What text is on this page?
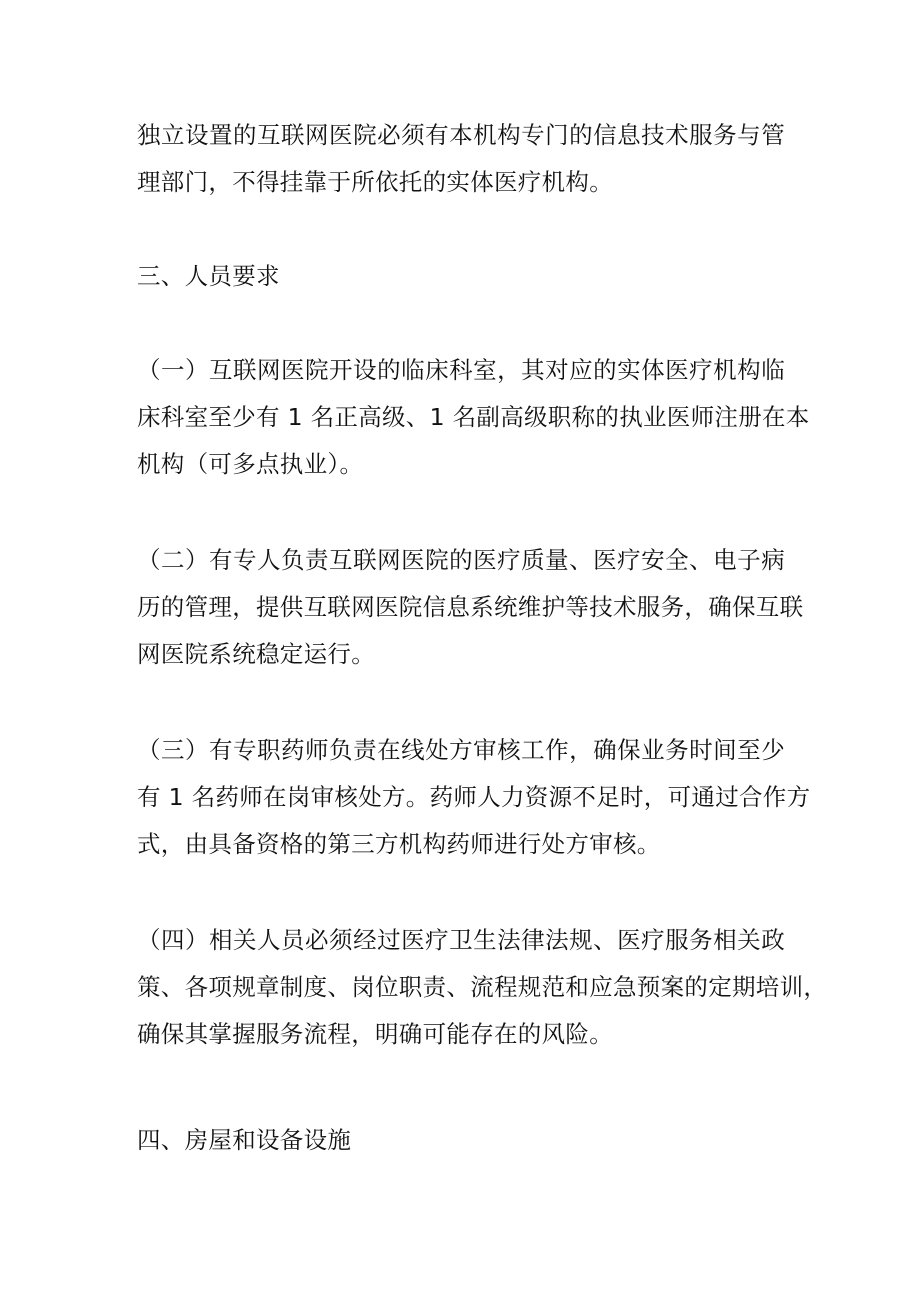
独立设置的互联网医院必须有本机构专门的信息技术服务与管
理部门，不得挂靠于所依托的实体医疗机构。
三、人员要求
（一）互联网医院开设的临床科室，其对应的实体医疗机构临
床科室至少有 1 名正高级、1 名副高级职称的执业医师注册在本
机构（可多点执业）。
（二）有专人负责互联网医院的医疗质量、医疗安全、电子病
历的管理，提供互联网医院信息系统维护等技术服务，确保互联
网医院系统稳定运行。
（三）有专职药师负责在线处方审核工作，确保业务时间至少
有 1 名药师在岗审核处方。药师人力资源不足时，可通过合作方
式，由具备资格的第三方机构药师进行处方审核。
（四）相关人员必须经过医疗卫生法律法规、医疗服务相关政
策、各项规章制度、岗位职责、流程规范和应急预案的定期培训，
确保其掌握服务流程，明确可能存在的风险。
四、房屋和设备设施
